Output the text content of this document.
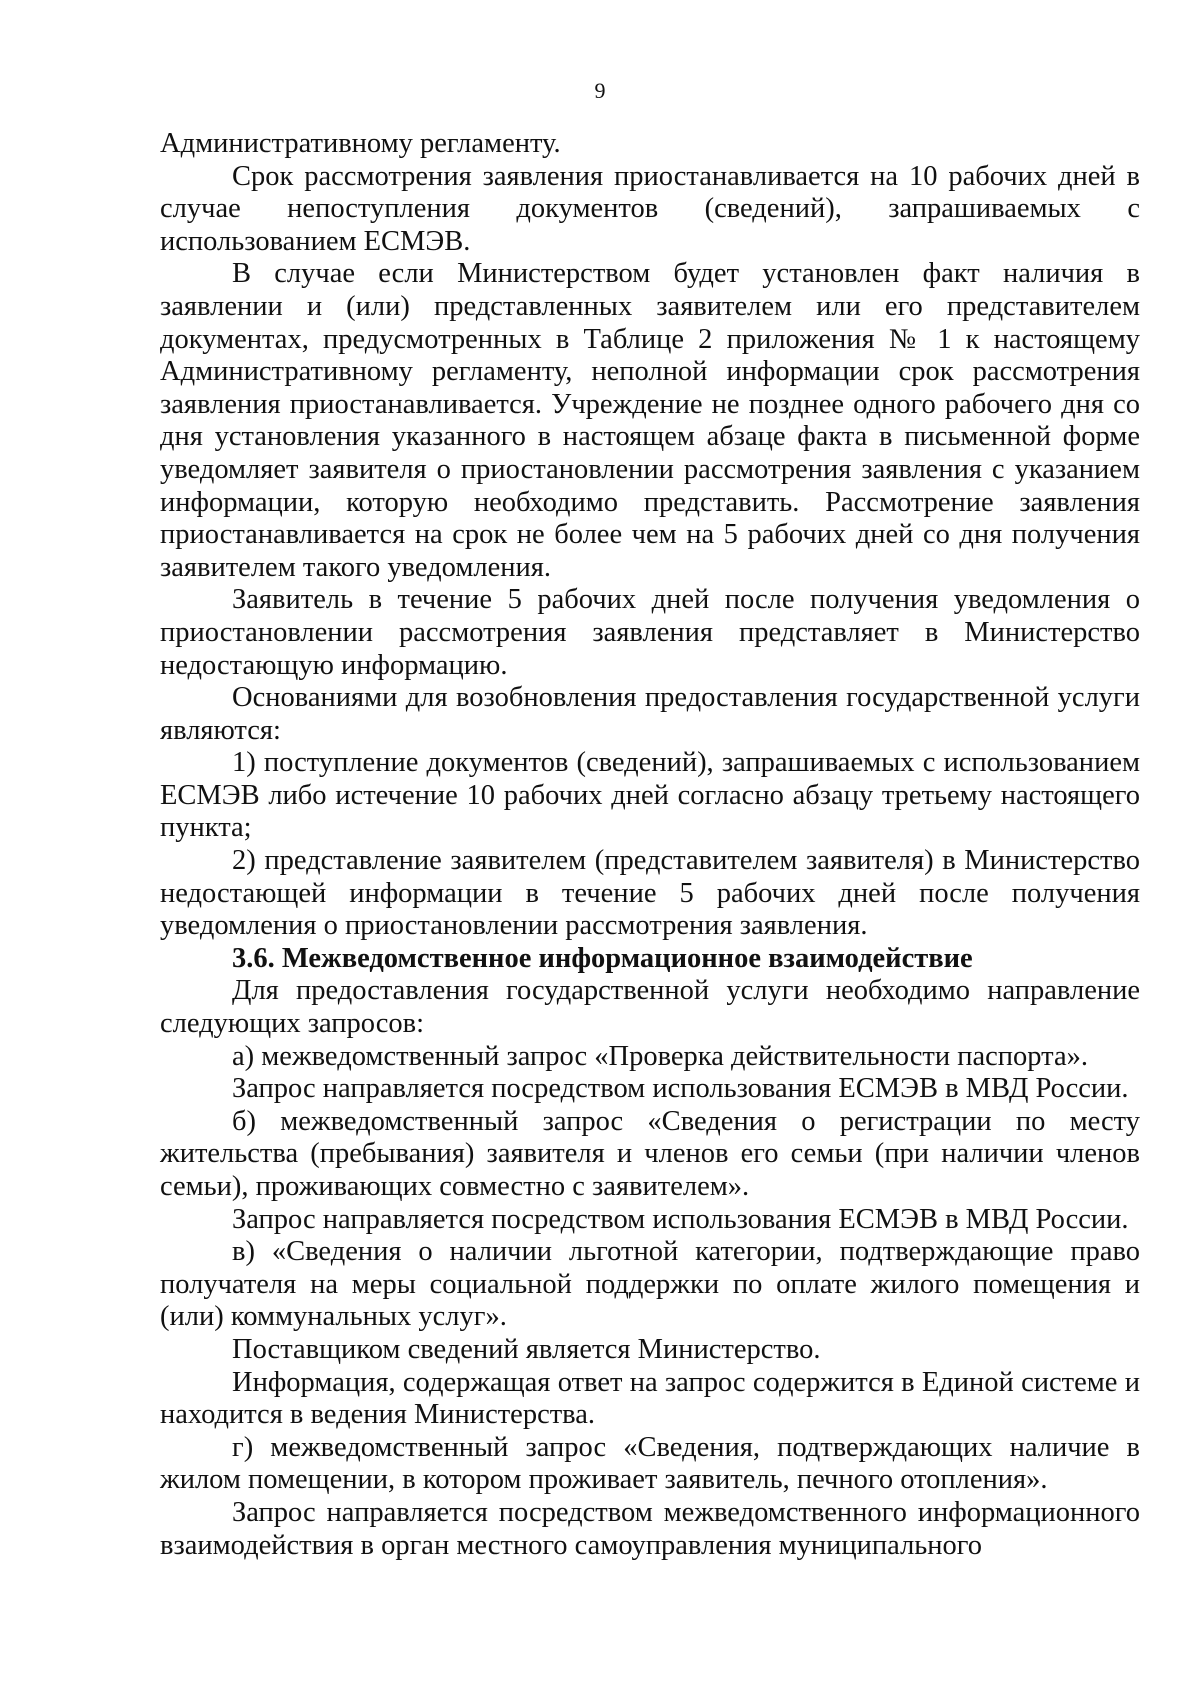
9

Административному регламенту.

Срок рассмотрения заявления приостанавливается на 10 рабочих дней в случае непоступления документов (сведений), запрашиваемых с использованием ЕСМЭВ.

В случае если Министерством будет установлен факт наличия в заявлении и (или) представленных заявителем или его представителем документах, предусмотренных в Таблице 2 приложения № 1 к настоящему Административному регламенту, неполной информации срок рассмотрения заявления приостанавливается. Учреждение не позднее одного рабочего дня со дня установления указанного в настоящем абзаце факта в письменной форме уведомляет заявителя о приостановлении рассмотрения заявления с указанием информации, которую необходимо представить. Рассмотрение заявления приостанавливается на срок не более чем на 5 рабочих дней со дня получения заявителем такого уведомления.

Заявитель в течение 5 рабочих дней после получения уведомления о приостановлении рассмотрения заявления представляет в Министерство недостающую информацию.

Основаниями для возобновления предоставления государственной услуги являются:

1) поступление документов (сведений), запрашиваемых с использованием ЕСМЭВ либо истечение 10 рабочих дней согласно абзацу третьему настоящего пункта;

2) представление заявителем (представителем заявителя) в Министерство недостающей информации в течение 5 рабочих дней после получения уведомления о приостановлении рассмотрения заявления.

3.6. Межведомственное информационное взаимодействие

Для предоставления государственной услуги необходимо направление следующих запросов:

а) межведомственный запрос «Проверка действительности паспорта».

Запрос направляется посредством использования ЕСМЭВ в МВД России.

б) межведомственный запрос «Сведения о регистрации по месту жительства (пребывания) заявителя и членов его семьи (при наличии членов семьи), проживающих совместно с заявителем».

Запрос направляется посредством использования ЕСМЭВ в МВД России.

в) «Сведения о наличии льготной категории, подтверждающие право получателя на меры социальной поддержки по оплате жилого помещения и (или) коммунальных услуг».

Поставщиком сведений является Министерство.

Информация, содержащая ответ на запрос содержится в Единой системе и находится в ведения Министерства.

г) межведомственный запрос «Сведения, подтверждающих наличие в жилом помещении, в котором проживает заявитель, печного отопления».

Запрос направляется посредством межведомственного информационного взаимодействия в орган местного самоуправления муниципального
